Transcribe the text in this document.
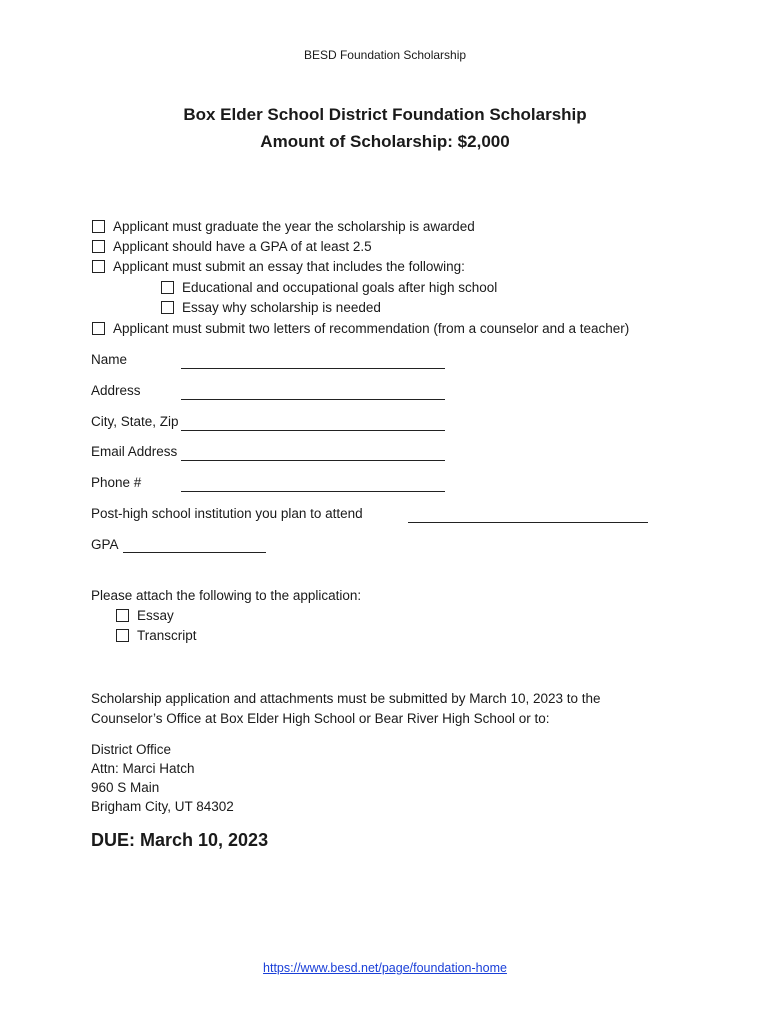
BESD Foundation Scholarship
Box Elder School District Foundation Scholarship
Amount of Scholarship: $2,000
Applicant must graduate the year the scholarship is awarded
Applicant should have a GPA of at least 2.5
Applicant must submit an essay that includes the following:
Educational and occupational goals after high school
Essay why scholarship is needed
Applicant must submit two letters of recommendation (from a counselor and a teacher)
Name
Address
City, State, Zip
Email Address
Phone #
Post-high school institution you plan to attend
GPA
Please attach the following to the application:
Essay
Transcript
Scholarship application and attachments must be submitted by March 10, 2023 to the
Counselor’s Office at Box Elder High School or Bear River High School or to:
District Office
Attn: Marci Hatch
960 S Main
Brigham City, UT 84302
DUE: March 10, 2023
https://www.besd.net/page/foundation-home
